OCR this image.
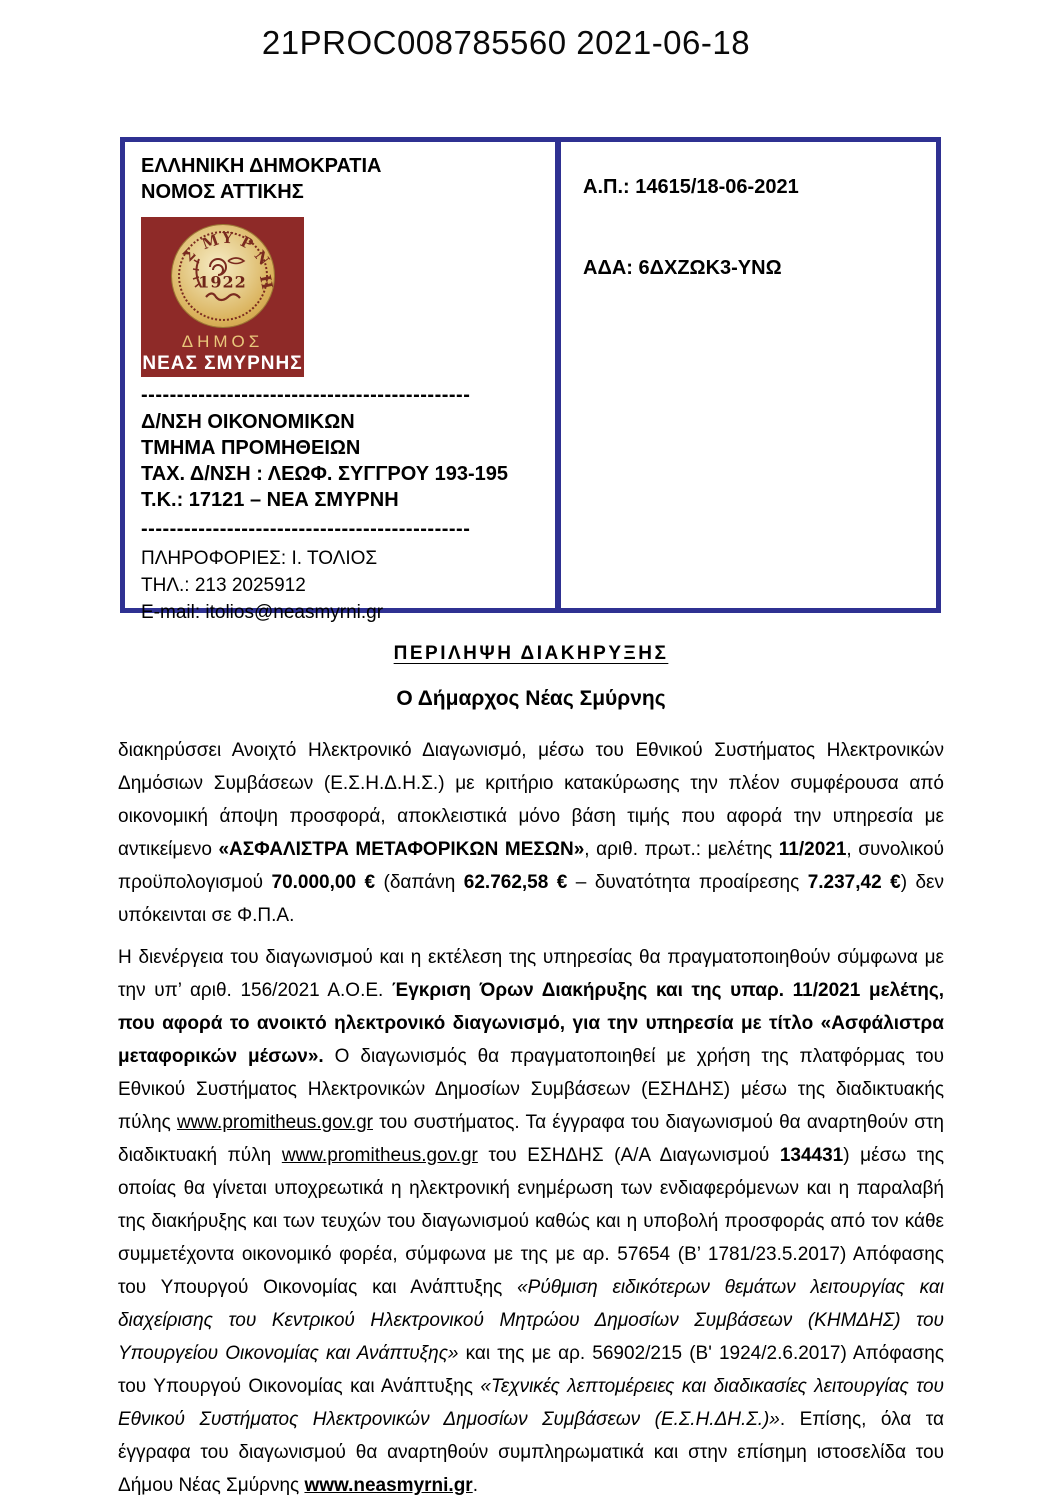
21PROC008785560 2021-06-18
ΕΛΛΗΝΙΚΗ ΔΗΜΟΚΡΑΤΙΑ
ΝΟΜΟΣ ΑΤΤΙΚΗΣ
Σ
Μ Υ Ρ
Ν
Η
1922
ΔΗΜΟΣ
ΝΕΑΣ ΣΜΥΡΝΗΣ
----------------------------------------------
Δ/ΝΣΗ ΟΙΚΟΝΟΜΙΚΩΝ
ΤΜΗΜΑ ΠΡΟΜΗΘΕΙΩΝ
ΤΑΧ. Δ/ΝΣΗ : ΛΕΩΦ. ΣΥΓΓΡΟΥ 193-195
Τ.Κ.: 17121 – ΝΕΑ ΣΜΥΡΝΗ
----------------------------------------------
ΠΛΗΡΟΦΟΡΙΕΣ: Ι. ΤΟΛΙΟΣ
ΤΗΛ.: 213 2025912
E-mail: itolios@neasmyrni.gr
Α.Π.: 14615/18-06-2021
ΑΔΑ: 6ΔΧΖΩΚ3-ΥΝΩ
ΠΕΡΙΛΗΨΗ ΔΙΑΚΗΡΥΞΗΣ
Ο Δήμαρχος Νέας Σμύρνης

διακηρύσσει Ανοιχτό Ηλεκτρονικό Διαγωνισμό, μέσω του Εθνικού Συστήματος Ηλεκτρονικών Δημόσιων Συμβάσεων (Ε.Σ.Η.Δ.Η.Σ.) με κριτήριο κατακύρωσης την πλέον συμφέρουσα από οικονομική άποψη προσφορά, αποκλειστικά μόνο βάση τιμής που αφορά την υπηρεσία με αντικείμενο «ΑΣΦΑΛΙΣΤΡΑ ΜΕΤΑΦΟΡΙΚΩΝ ΜΕΣΩΝ», αριθ. πρωτ.: μελέτης 11/2021, συνολικού προϋπολογισμού 70.000,00 € (δαπάνη 62.762,58 € – δυνατότητα προαίρεσης 7.237,42 €) δεν υπόκεινται σε Φ.Π.Α.

Η διενέργεια του διαγωνισμού και η εκτέλεση της υπηρεσίας θα πραγματοποιηθούν σύμφωνα με την υπ’ αριθ. 156/2021 Α.Ο.Ε. Έγκριση Όρων Διακήρυξης και της υπαρ. 11/2021 μελέτης, που αφορά το ανοικτό ηλεκτρονικό διαγωνισμό, για την υπηρεσία με τίτλο «Ασφάλιστρα μεταφορικών μέσων». Ο διαγωνισμός θα πραγματοποιηθεί με χρήση της πλατφόρμας του Εθνικού Συστήματος Ηλεκτρονικών Δημοσίων Συμβάσεων (ΕΣΗΔΗΣ) μέσω της διαδικτυακής πύλης www.promitheus.gov.gr του συστήματος. Τα έγγραφα του διαγωνισμού θα αναρτηθούν στη διαδικτυακή πύλη www.promitheus.gov.gr του ΕΣΗΔΗΣ (Α/Α Διαγωνισμού 134431) μέσω της οποίας θα γίνεται υποχρεωτικά η ηλεκτρονική ενημέρωση των ενδιαφερόμενων και η παραλαβή της διακήρυξης και των τευχών του διαγωνισμού καθώς και η υποβολή προσφοράς από τον κάθε συμμετέχοντα οικονομικό φορέα, σύμφωνα με της με αρ. 57654 (Β’ 1781/23.5.2017) Απόφασης του Υπουργού Οικονομίας και Ανάπτυξης «Ρύθμιση ειδικότερων θεμάτων λειτουργίας και διαχείρισης του Κεντρικού Ηλεκτρονικού Μητρώου Δημοσίων Συμβάσεων (ΚΗΜΔΗΣ) του Υπουργείου Οικονομίας και Ανάπτυξης» και της με αρ. 56902/215 (Β' 1924/2.6.2017) Απόφασης του Υπουργού Οικονομίας και Ανάπτυξης «Τεχνικές λεπτομέρειες και διαδικασίες λειτουργίας του Εθνικού Συστήματος Ηλεκτρονικών Δημοσίων Συμβάσεων (Ε.Σ.Η.ΔΗ.Σ.)». Επίσης, όλα τα έγγραφα του διαγωνισμού θα αναρτηθούν συμπληρωματικά και στην επίσημη ιστοσελίδα του Δήμου Νέας Σμύρνης www.neasmyrni.gr.
